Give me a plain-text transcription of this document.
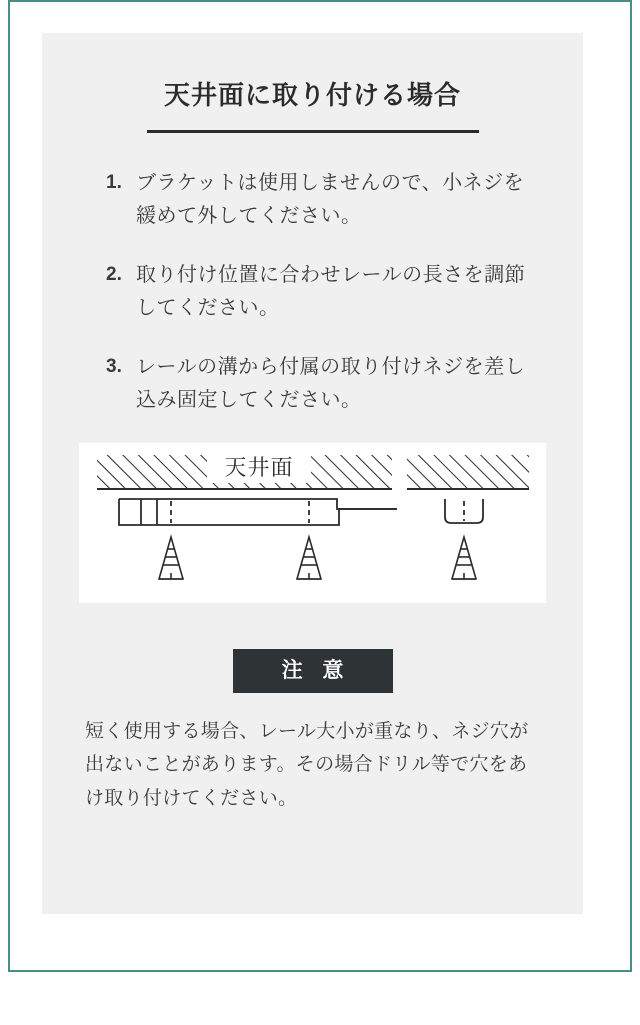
天井面に取り付ける場合
1. ブラケットは使用しませんので、小ネジを緩めて外してください。
2. 取り付け位置に合わせレールの長さを調節してください。
3. レールの溝から付属の取り付けネジを差し込み固定してください。
天井面
注 意

短く使用する場合、レール大小が重なり、ネジ穴が出ないことがあります。その場合ドリル等で穴をあけ取り付けてください。
